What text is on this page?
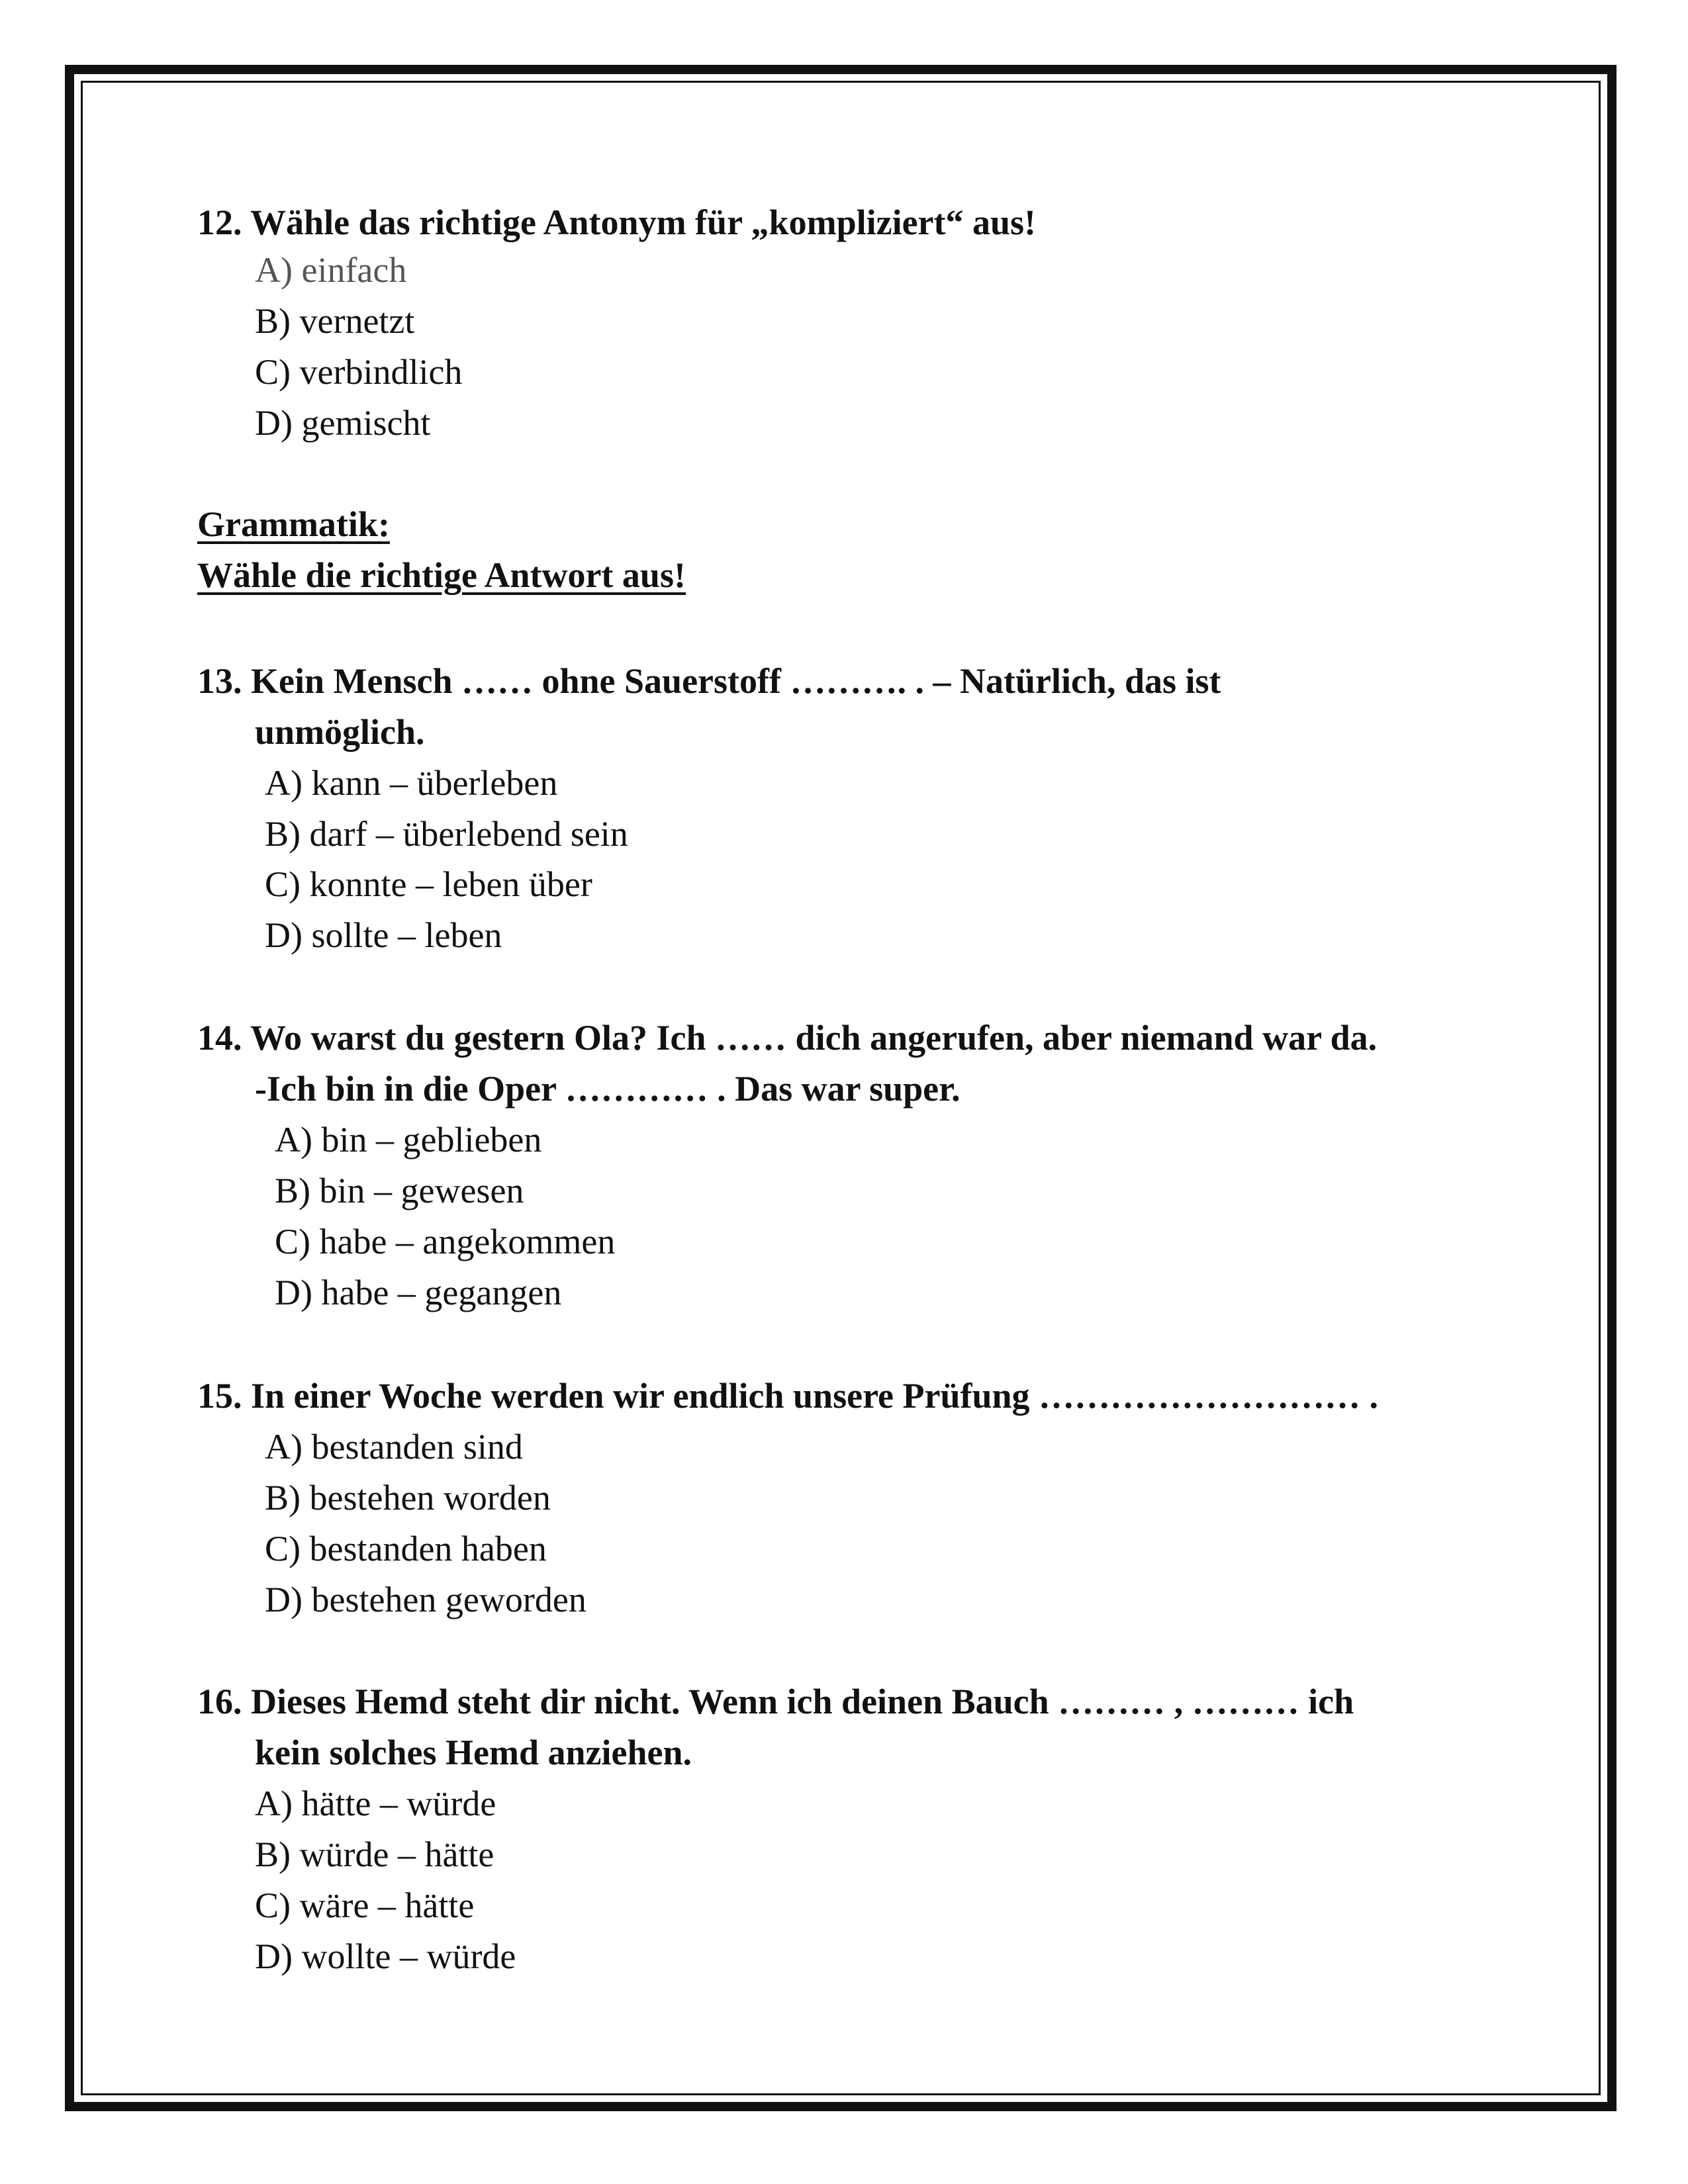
12. Wähle das richtige Antonym für „kompliziert“ aus!
A) einfach
B) vernetzt
C) verbindlich
D) gemischt
Grammatik:
Wähle die richtige Antwort aus!
13. Kein Mensch …… ohne Sauerstoff ………. . – Natürlich, das ist
unmöglich.
A) kann – überleben
B) darf – überlebend sein
C) konnte – leben über
D) sollte – leben
14. Wo warst du gestern Ola? Ich …… dich angerufen, aber niemand war da.
-Ich bin in die Oper ………… . Das war super.
A) bin – geblieben
B) bin – gewesen
C) habe – angekommen
D) habe – gegangen
15. In einer Woche werden wir endlich unsere Prüfung ……………………… .
A) bestanden sind
B) bestehen worden
C) bestanden haben
D) bestehen geworden
16. Dieses Hemd steht dir nicht. Wenn ich deinen Bauch ……… , ……… ich
kein solches Hemd anziehen.
A) hätte – würde
B) würde – hätte
C) wäre – hätte
D) wollte – würde
